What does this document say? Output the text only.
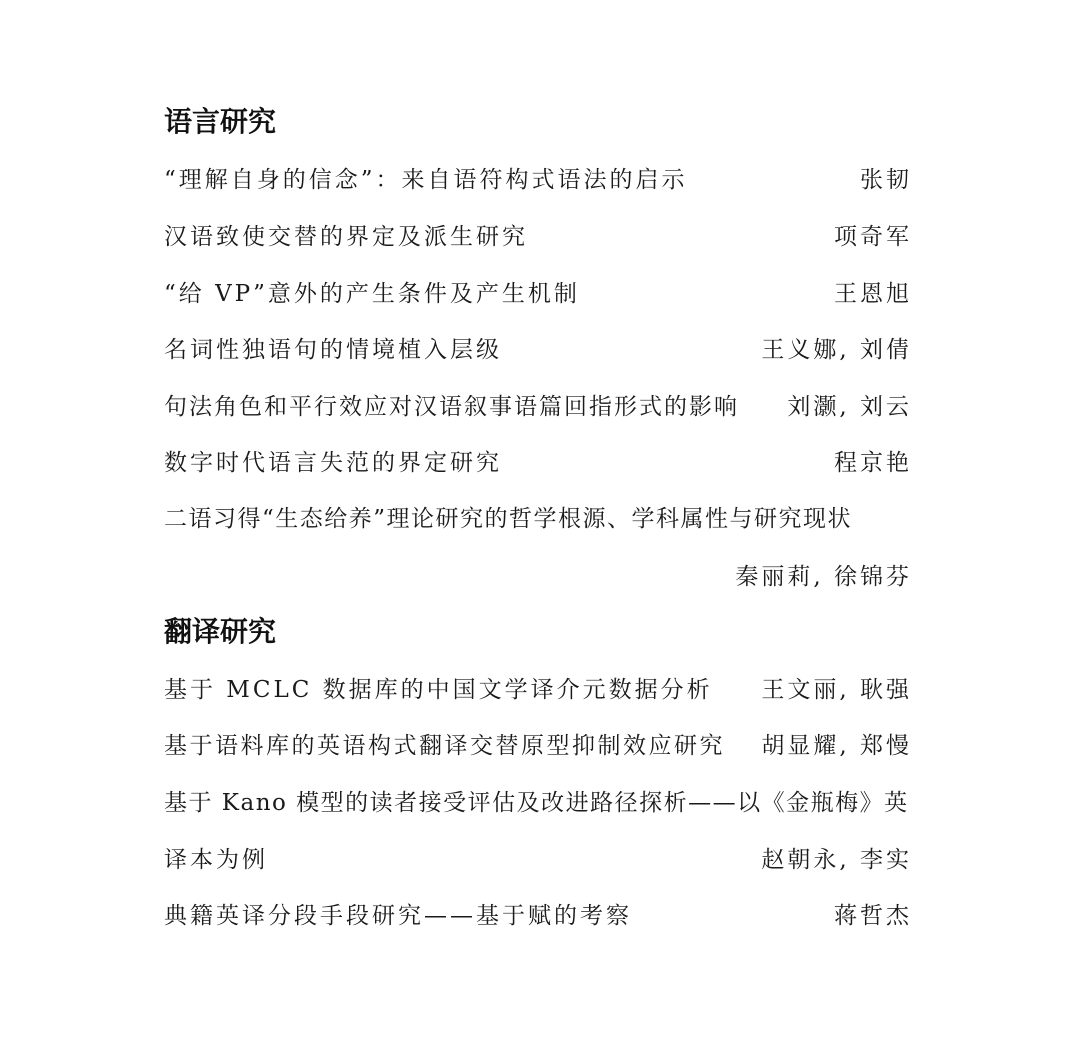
语言研究
“理解自身的信念”：来自语符构式语法的启示	张韧
汉语致使交替的界定及派生研究	项奇军
“给 VP”意外的产生条件及产生机制	王恩旭
名词性独语句的情境植入层级	王义娜, 刘倩
句法角色和平行效应对汉语叙事语篇回指形式的影响 刘灏, 刘云
数字时代语言失范的界定研究	程京艳
二语习得“生态给养”理论研究的哲学根源、学科属性与研究现状
秦丽莉, 徐锦芬
翻译研究
基于 MCLC 数据库的中国文学译介元数据分析 王文丽, 耿强
基于语料库的英语构式翻译交替原型抑制效应研究 胡显耀, 郑慢
基于 Kano 模型的读者接受评估及改进路径探析——以《金瓶梅》英
译本为例	赵朝永, 李实
典籍英译分段手段研究——基于赋的考察	蒋哲杰
